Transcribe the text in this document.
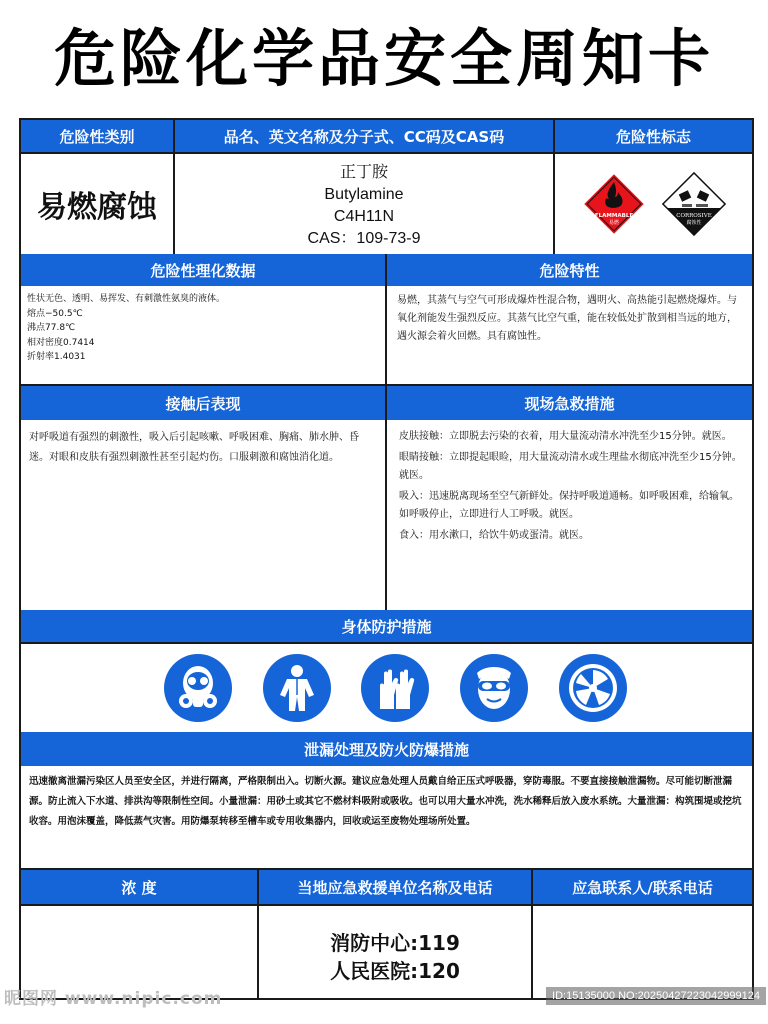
危险化学品安全周知卡
危险性类别	品名、英文名称及分子式、CC码及CAS码	危险性标志
易燃腐蚀
正丁胺
Butylamine
C4H11N
CAS：109-73-9
FLAMMABLE
易燃
CORROSIVE
腐蚀性
危险性理化数据	危险特性
性状无色、透明、易挥发、有刺激性氨臭的液体。
熔点−50.5℃
沸点77.8℃
相对密度0.7414
折射率1.4031
易燃，其蒸气与空气可形成爆炸性混合物，遇明火、高热能引起燃烧爆炸。与氧化剂能发生强烈反应。其蒸气比空气重，能在较低处扩散到相当远的地方，遇火源会着火回燃。具有腐蚀性。
接触后表现	现场急救措施
对呼吸道有强烈的刺激性，吸入后引起咳嗽、呼吸困难、胸痛、肺水肿、昏迷。对眼和皮肤有强烈刺激性甚至引起灼伤。口服刺激和腐蚀消化道。

皮肤接触：立即脱去污染的衣着，用大量流动清水冲洗至少15分钟。就医。

眼睛接触：立即提起眼睑，用大量流动清水或生理盐水彻底冲洗至少15分钟。就医。

吸入：迅速脱离现场至空气新鲜处。保持呼吸道通畅。如呼吸困难，给输氧。如呼吸停止，立即进行人工呼吸。就医。

食入：用水漱口，给饮牛奶或蛋清。就医。

身体防护措施
泄漏处理及防火防爆措施
迅速撤离泄漏污染区人员至安全区，并进行隔离，严格限制出入。切断火源。建议应急处理人员戴自给正压式呼吸器，穿防毒服。不要直接接触泄漏物。尽可能切断泄漏源。防止流入下水道、排洪沟等限制性空间。小量泄漏：用砂土或其它不燃材料吸附或吸收。也可以用大量水冲洗，洗水稀释后放入废水系统。大量泄漏：构筑围堤或挖坑收容。用泡沫覆盖，降低蒸气灾害。用防爆泵转移至槽车或专用收集器内，回收或运至废物处理场所处置。
浓 度	当地应急救援单位名称及电话	应急联系人/联系电话
消防中心:119
人民医院:120
昵图网 www.nipic.com	ID:15135000 NO:20250427223042999124
